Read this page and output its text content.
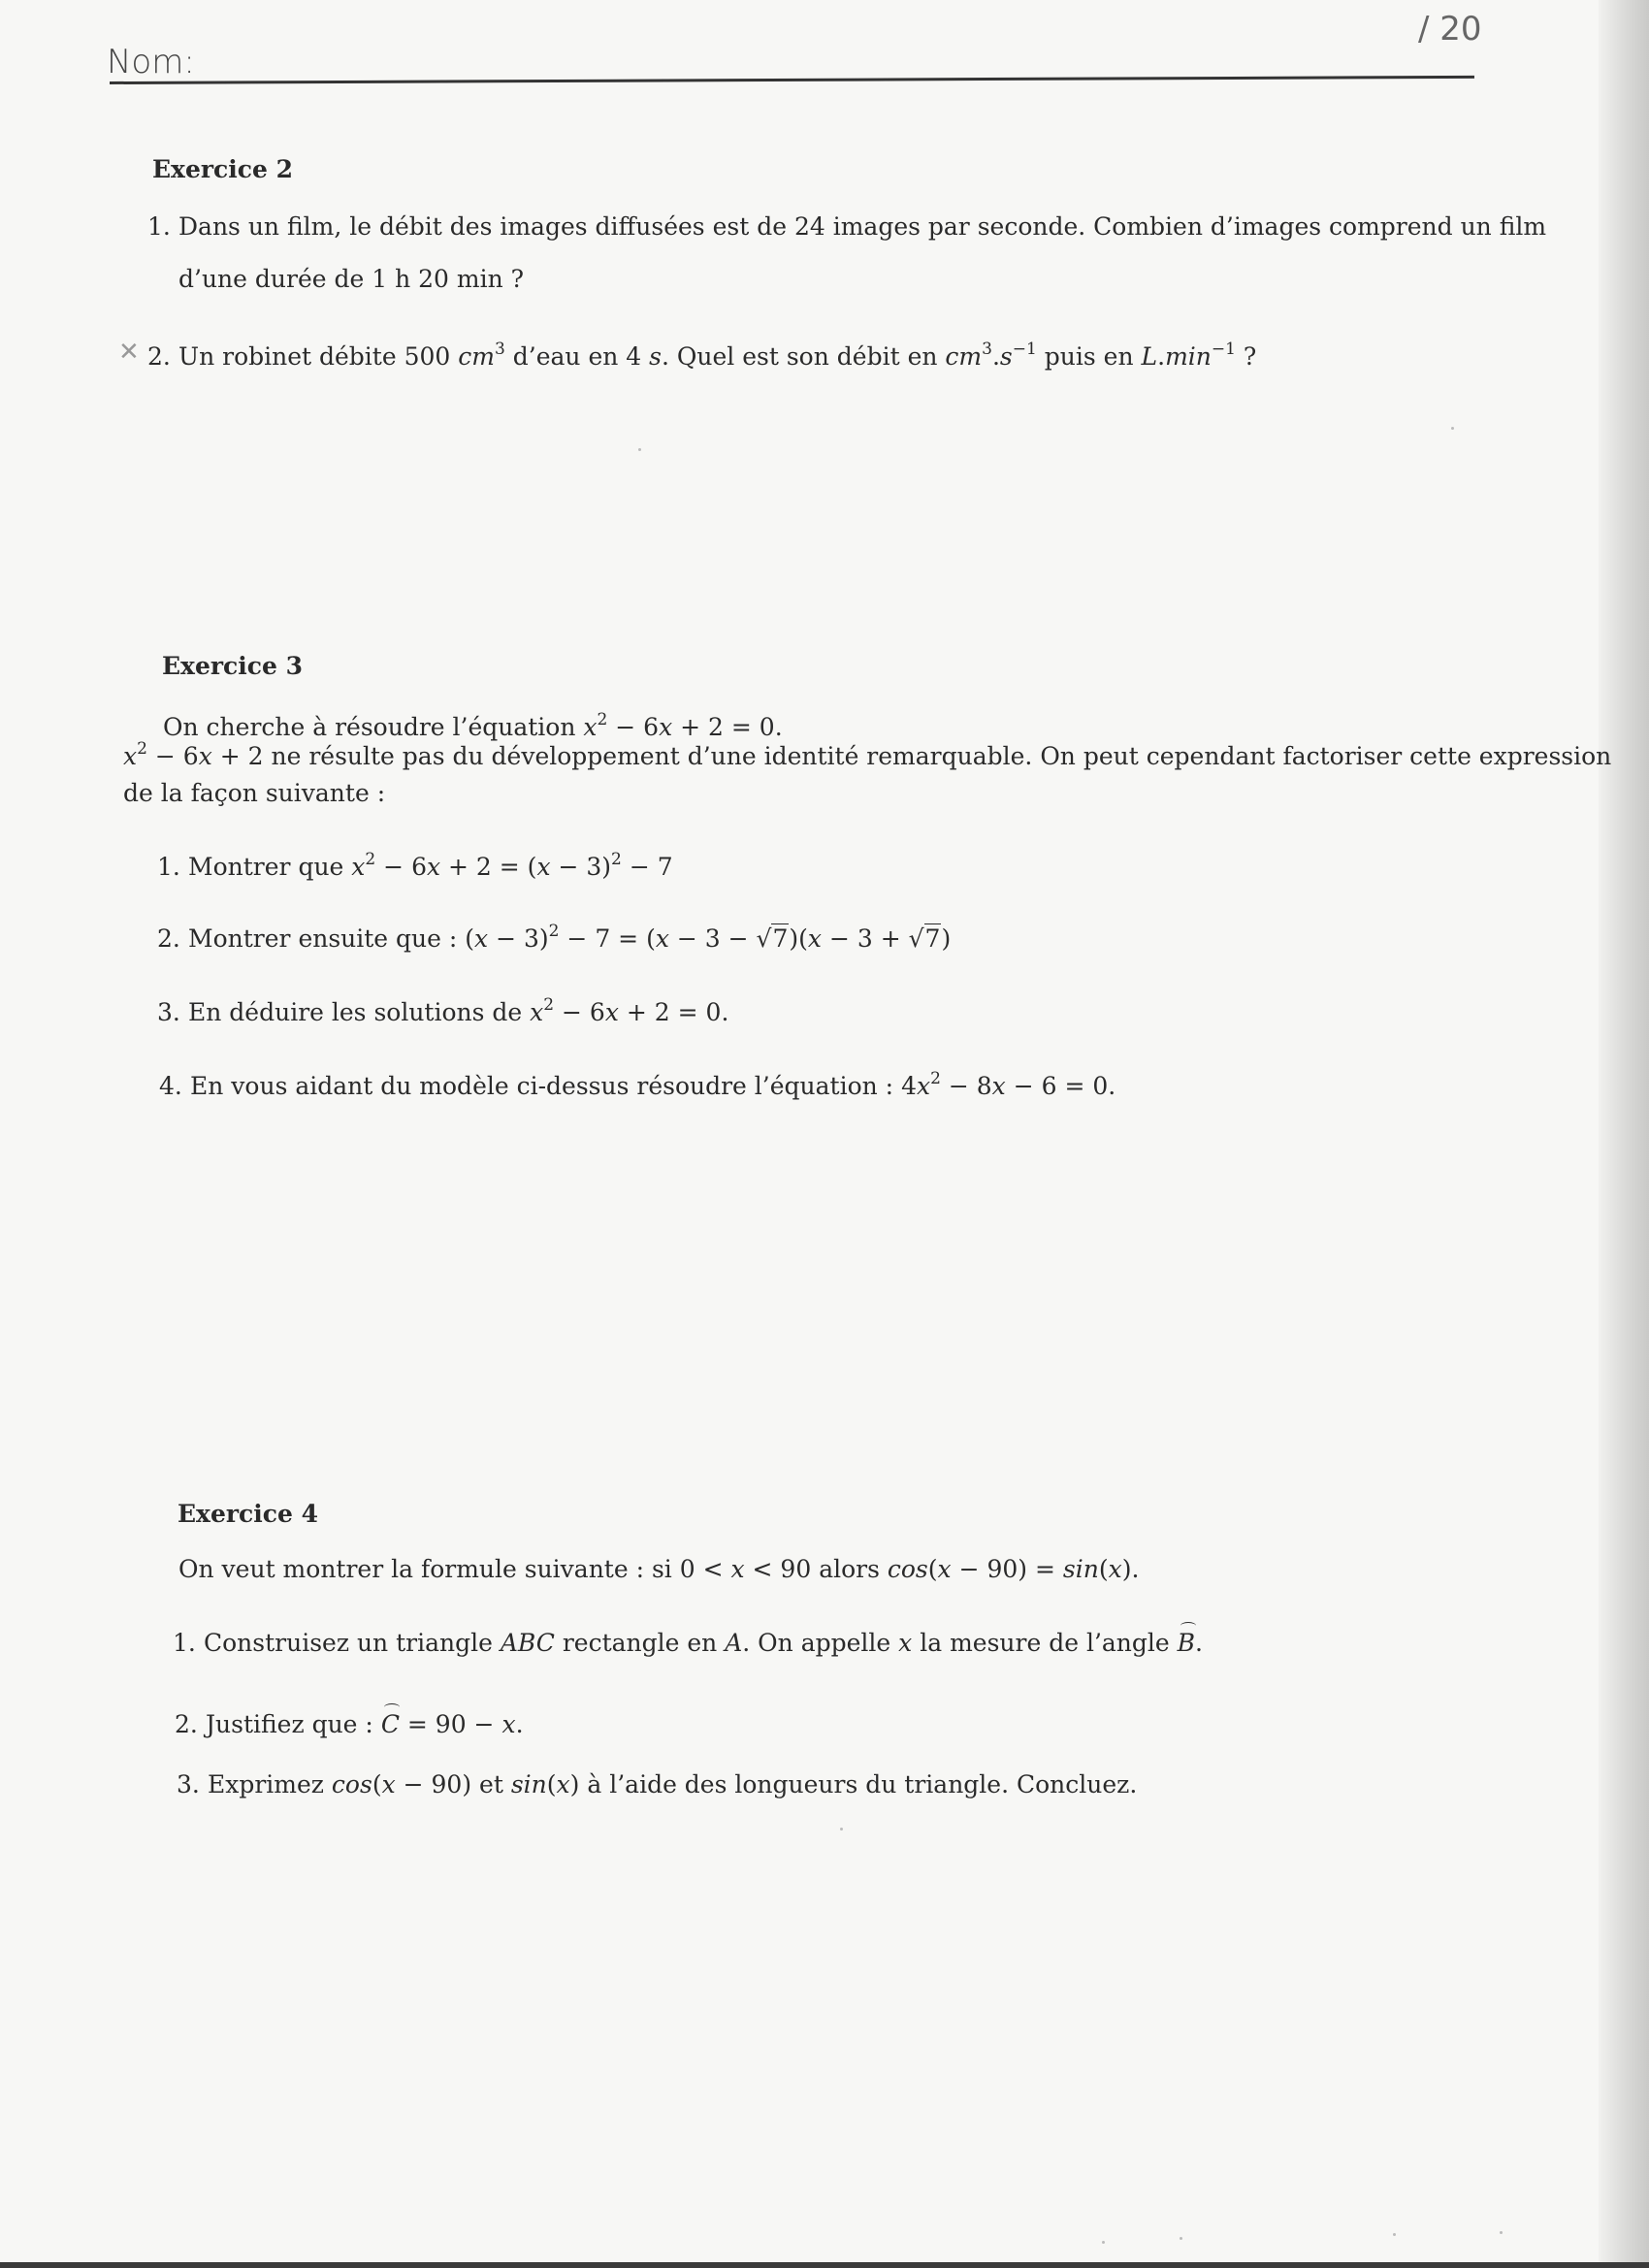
Nom:
/ 20
Exercice 2
1. Dans un film, le débit des images diffusées est de 24 images par seconde. Combien d’images comprend un film
d’une durée de 1 h 20 min ?
✕ 2. Un robinet débite 500 $cm^3$ d’eau en 4 s. Quel est son débit en $cm^3.s^{-1}$ puis en $L.\min^{-1}$ ?
Exercice 3
On cherche à résoudre l’équation $x^2 - 6x + 2 = 0$.
$x^2 - 6x + 2$ ne résulte pas du développement d’une identité remarquable. On peut cependant factoriser cette expression
de la façon suivante :
1. Montrer que $x^2 - 6x + 2 = (x - 3)^2 - 7$
2. Montrer ensuite que : $(x - 3)^2 - 7 = (x - 3 - √7)(x - 3 + √7)$
3. En déduire les solutions de $x^2 - 6x + 2 = 0$.
4. En vous aidant du modèle ci-dessus résoudre l’équation : $4x^2 - 8x - 6 = 0$.
Exercice 4
On veut montrer la formule suivante : si 0 < x < 90 alors cos(x − 90) = sin(x).
1. Construisez un triangle ABC rectangle en A. On appelle x la mesure de l’angle B.
2. Justifiez que : C = 90 − x.
3. Exprimez cos(x − 90) et sin(x) à l’aide des longueurs du triangle. Concluez.
